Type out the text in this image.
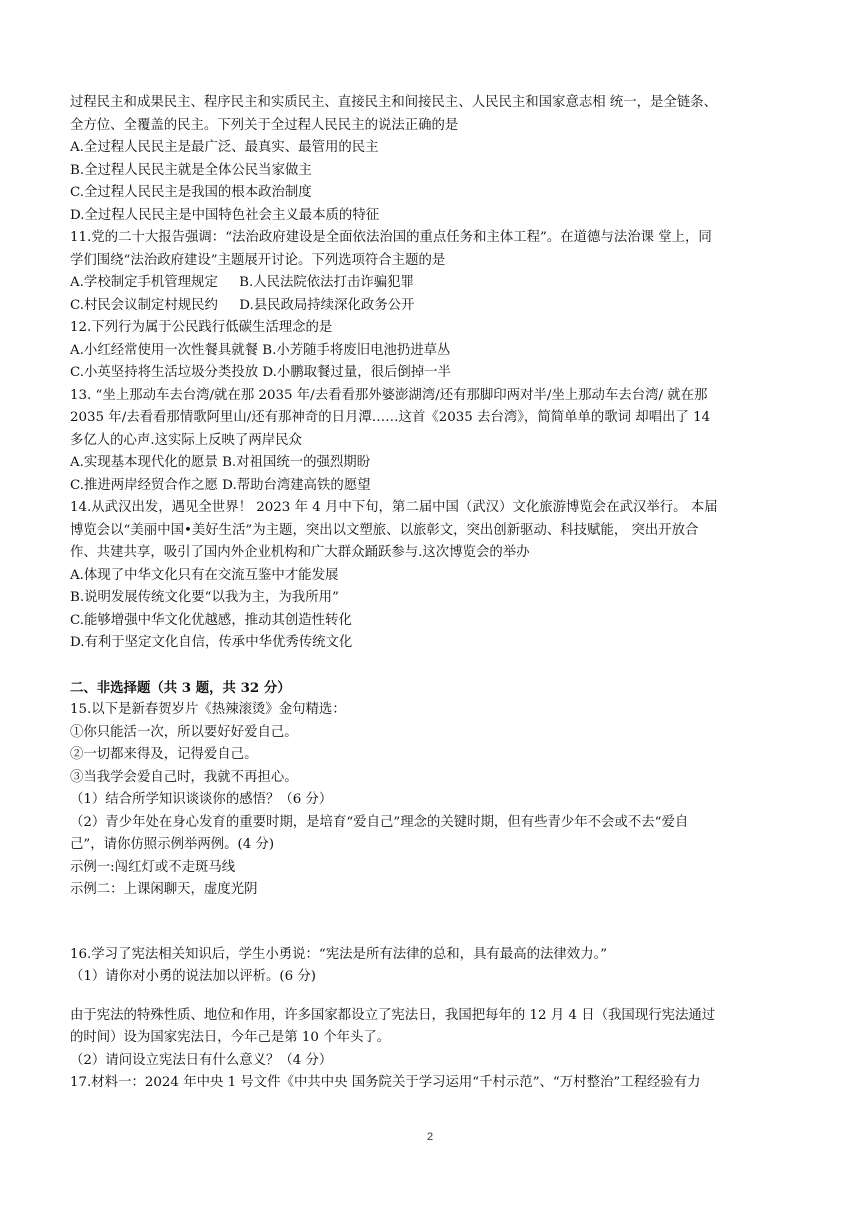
过程民主和成果民主、程序民主和实质民主、直接民主和间接民主、人民民主和国家意志相 统一，是全链条、
全方位、全覆盖的民主。下列关于全过程人民民主的说法正确的是
A.全过程人民民主是最广泛、最真实、最管用的民主
B.全过程人民民主就是全体公民当家做主
C.全过程人民民主是我国的根本政治制度
D.全过程人民民主是中国特色社会主义最本质的特征
11.党的二十大报告强调：“法治政府建设是全面依法治国的重点任务和主体工程”。在道德与法治课 堂上，同
学们围绕“法治政府建设”主题展开讨论。下列选项符合主题的是
A.学校制定手机管理规定     B.人民法院依法打击诈骗犯罪
C.村民会议制定村规民约     D.县民政局持续深化政务公开
12.下列行为属于公民践行低碳生活理念的是
A.小红经常使用一次性餐具就餐 B.小芳随手将废旧电池扔进草丛
C.小英坚持将生活垃圾分类投放 D.小鹏取餐过量，很后倒掉一半
13. “坐上那动车去台湾/就在那 2035 年/去看看那外婆澎湖湾/还有那脚印两对半/坐上那动车去台湾/ 就在那
2035 年/去看看那情歌阿里山/还有那神奇的日月潭……这首《2035 去台湾》，简简单单的歌词 却唱出了 14
多亿人的心声.这实际上反映了两岸民众
A.实现基本现代化的愿景 B.对祖国统一的强烈期盼
C.推进两岸经贸合作之愿 D.帮助台湾建高铁的愿望
14.从武汉出发，遇见全世界！ 2023 年 4 月中下旬，第二届中国（武汉）文化旅游博览会在武汉举行。 本届
博览会以“美丽中国•美好生活”为主题，突出以文塑旅、以旅彰文，突出创新驱动、科技赋能， 突出开放合
作、共建共享，吸引了国内外企业机构和广大群众踊跃参与.这次博览会的举办
A.体现了中华文化只有在交流互鉴中才能发展
B.说明发展传统文化要“以我为主，为我所用”
C.能够增强中华文化优越感，推动其创造性转化
D.有利于坚定文化自信，传承中华优秀传统文化
二、非选择题（共 3 题，共 32 分）
15.以下是新春贺岁片《热辣滚烫》金句精选：
①你只能活一次，所以要好好爱自己。
②一切都来得及，记得爱自己。
③当我学会爱自己时，我就不再担心。
（1）结合所学知识谈谈你的感悟？（6 分）
（2）青少年处在身心发育的重要时期，是培育“爱自己”理念的关键时期，但有些青少年不会或不去“爱自
己”，请你仿照示例举两例。(4 分)
示例一:闯红灯或不走斑马线
示例二：上课闲聊天，虚度光阴
16.学习了宪法相关知识后，学生小勇说：“宪法是所有法律的总和，具有最高的法律效力。”
（1）请你对小勇的说法加以评析。(6 分)
由于宪法的特殊性质、地位和作用，许多国家都设立了宪法日，我国把每年的 12 月 4 日（我国现行宪法通过
的时间）设为国家宪法日，今年己是第 10 个年头了。
（2）请问设立宪法日有什么意义？（4 分）
17.材料一：2024 年中央 1 号文件《中共中央 国务院关于学习运用“千村示范”、“万村整治”工程经验有力
2
